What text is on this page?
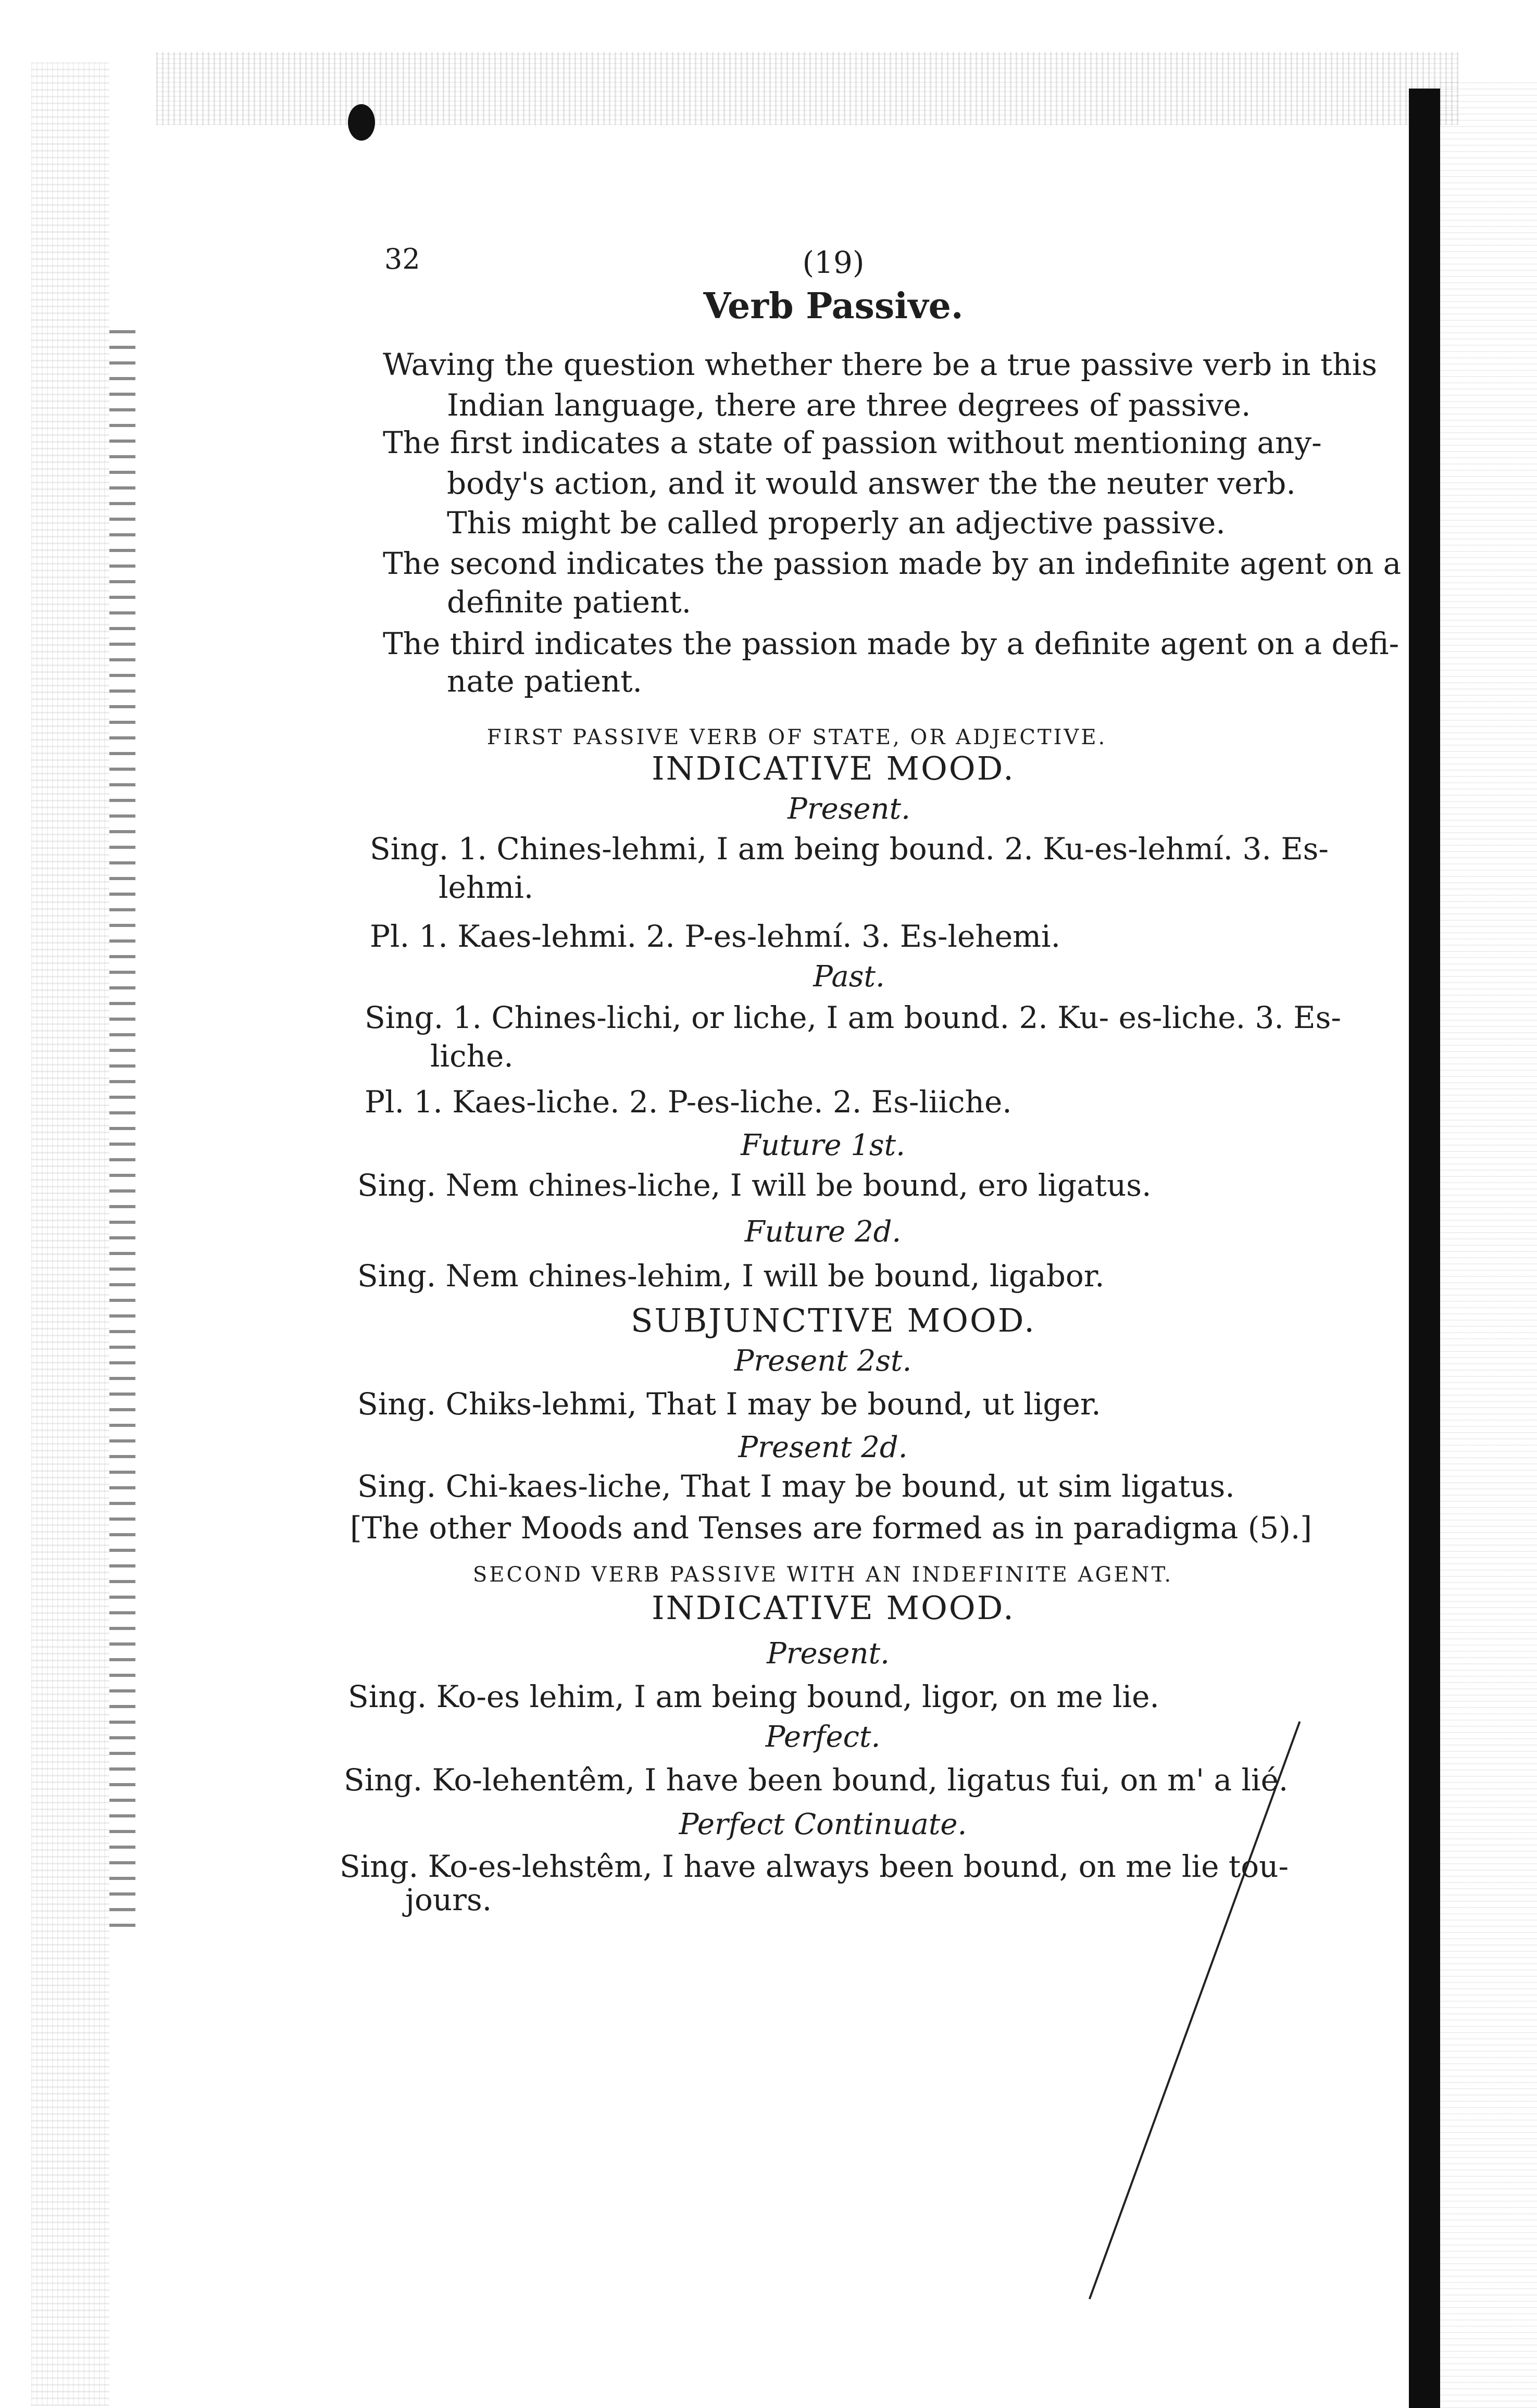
32	(19)
Verb Passive.
Waving the question whether there be a true passive verb in this
Indian language, there are three degrees of passive.
The first indicates a state of passion without mentioning any-
body's action, and it would answer the the neuter verb.
This might be called properly an adjective passive.
The second indicates the passion made by an indefinite agent on a
definite patient.
The third indicates the passion made by a definite agent on a defi-
nate patient.
FIRST PASSIVE VERB OF STATE, OR ADJECTIVE.
INDICATIVE MOOD.
Present.
Sing. 1. Chines-lehmi, I am being bound. 2. Ku-es-lehmí. 3. Es-
lehmi.
Pl. 1. Kaes-lehmi. 2. P-es-lehmí. 3. Es-lehemi.
Past.
Sing. 1. Chines-lichi, or liche, I am bound. 2. Ku- es-liche. 3. Es-
liche.
Pl. 1. Kaes-liche. 2. P-es-liche. 2. Es-liiche.
Future 1st.
Sing. Nem chines-liche, I will be bound, ero ligatus.
Future 2d.
Sing. Nem chines-lehim, I will be bound, ligabor.
SUBJUNCTIVE MOOD.
Present 2st.
Sing. Chiks-lehmi, That I may be bound, ut liger.
Present 2d.
Sing. Chi-kaes-liche, That I may be bound, ut sim ligatus.
[The other Moods and Tenses are formed as in paradigma (5).]
SECOND VERB PASSIVE WITH AN INDEFINITE AGENT.
INDICATIVE MOOD.
Present.
Sing. Ko-es lehim, I am being bound, ligor, on me lie.
Perfect.
Sing. Ko-lehentêm, I have been bound, ligatus fui, on m' a lié.
Perfect Continuate.
Sing. Ko-es-lehstêm, I have always been bound, on me lie tou-
jours.
